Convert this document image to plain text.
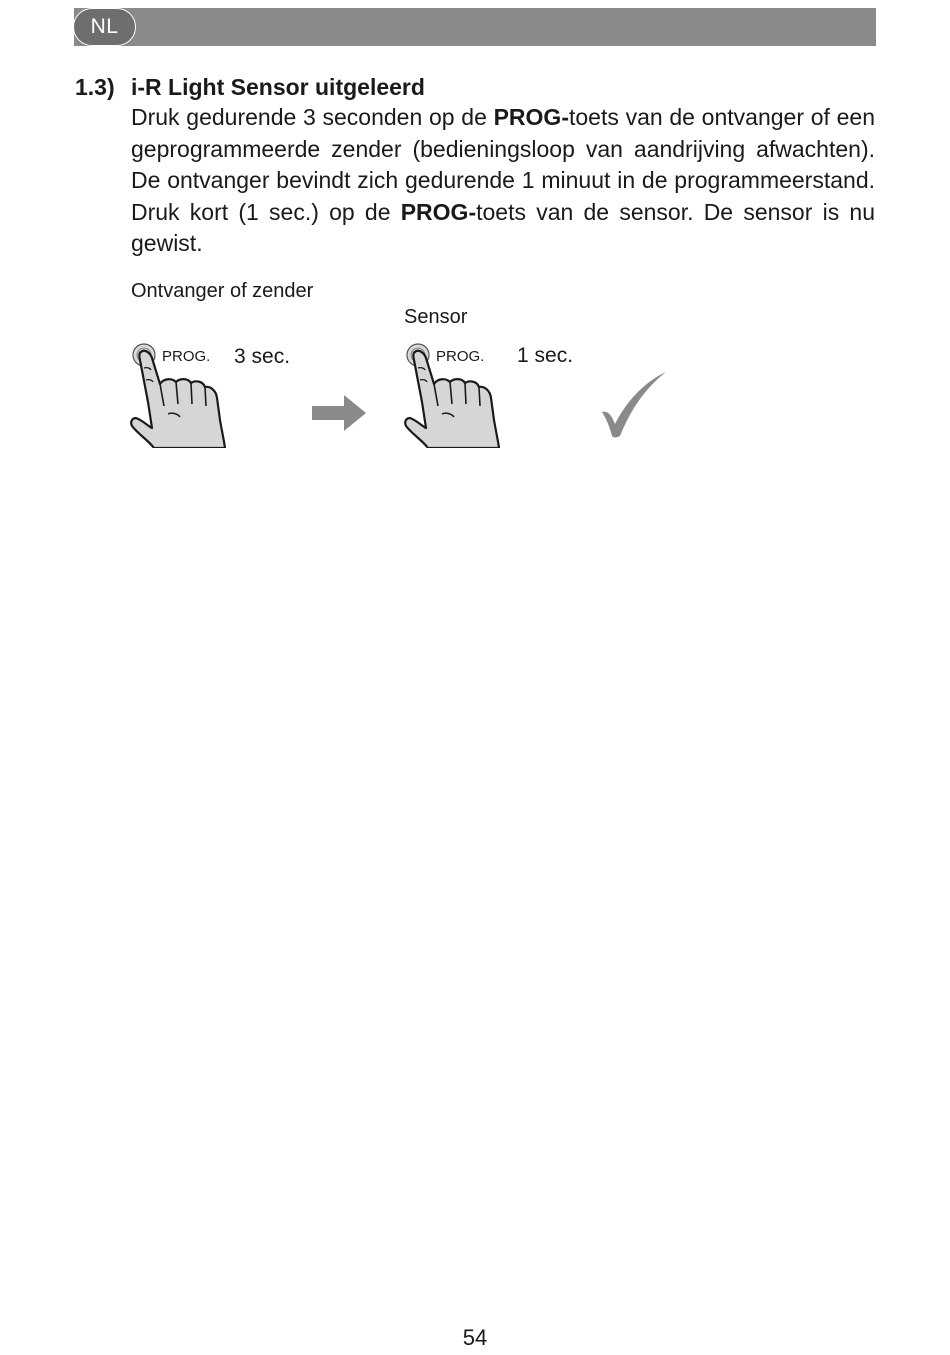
NL
1.3) i-R Light Sensor uitgeleerd

Druk gedurende 3 seconden op de PROG-toets van de ontvanger of een geprogrammeerde zender (bedieningsloop van aandrijving afwachten). De ontvanger bevindt zich gedurende 1 minuut in de programmeerstand. Druk kort (1 sec.) op de PROG-toets van de sensor. De sensor is nu gewist.

Ontvanger of zender
PROG. 3 sec.
Sensor
PROG. 1 sec.
54
